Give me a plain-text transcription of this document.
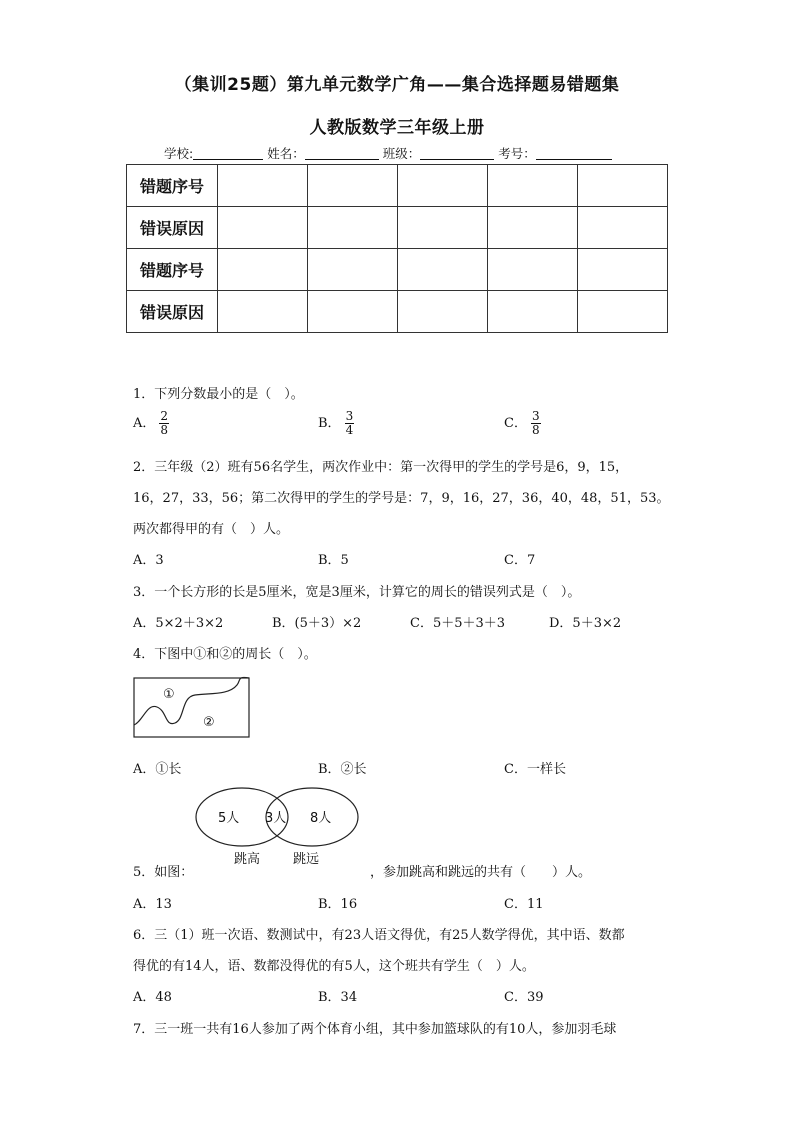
（集训25题）第九单元数学广角——集合选择题易错题集
人教版数学三年级上册
学校:	姓名：	班级：	考号：
错题序号					
错误原因					
错题序号					
错误原因					
1．下列分数最小的是（　）。
A． $\frac{2}{8}$	B． $\frac{3}{4}$	C． $\frac{3}{8}$
2．三年级（2）班有56名学生，两次作业中：第一次得甲的学生的学号是6，9，15，
16，27，33，56；第二次得甲的学生的学号是：7，9，16，27，36，40，48，51，53。
两次都得甲的有（　）人。
A．3	B．5	C．7
3．一个长方形的长是5厘米，宽是3厘米，计算它的周长的错误列式是（　）。
A．5×2＋3×2	B．(5＋3）×2	C．5＋5＋3＋3	D．5＋3×2
4．下图中①和②的周长（　）。
①
②
A．①长	B．②长	C．一样长
5人 3人 8人
跳高	跳远
5．如图：	，参加跳高和跳远的共有（　　）人。
A．13	B．16	C．11
6．三（1）班一次语、数测试中，有23人语文得优，有25人数学得优，其中语、数都
得优的有14人，语、数都没得优的有5人，这个班共有学生（　）人。
A．48	B．34	C．39
7．三一班一共有16人参加了两个体育小组，其中参加篮球队的有10人，参加羽毛球
